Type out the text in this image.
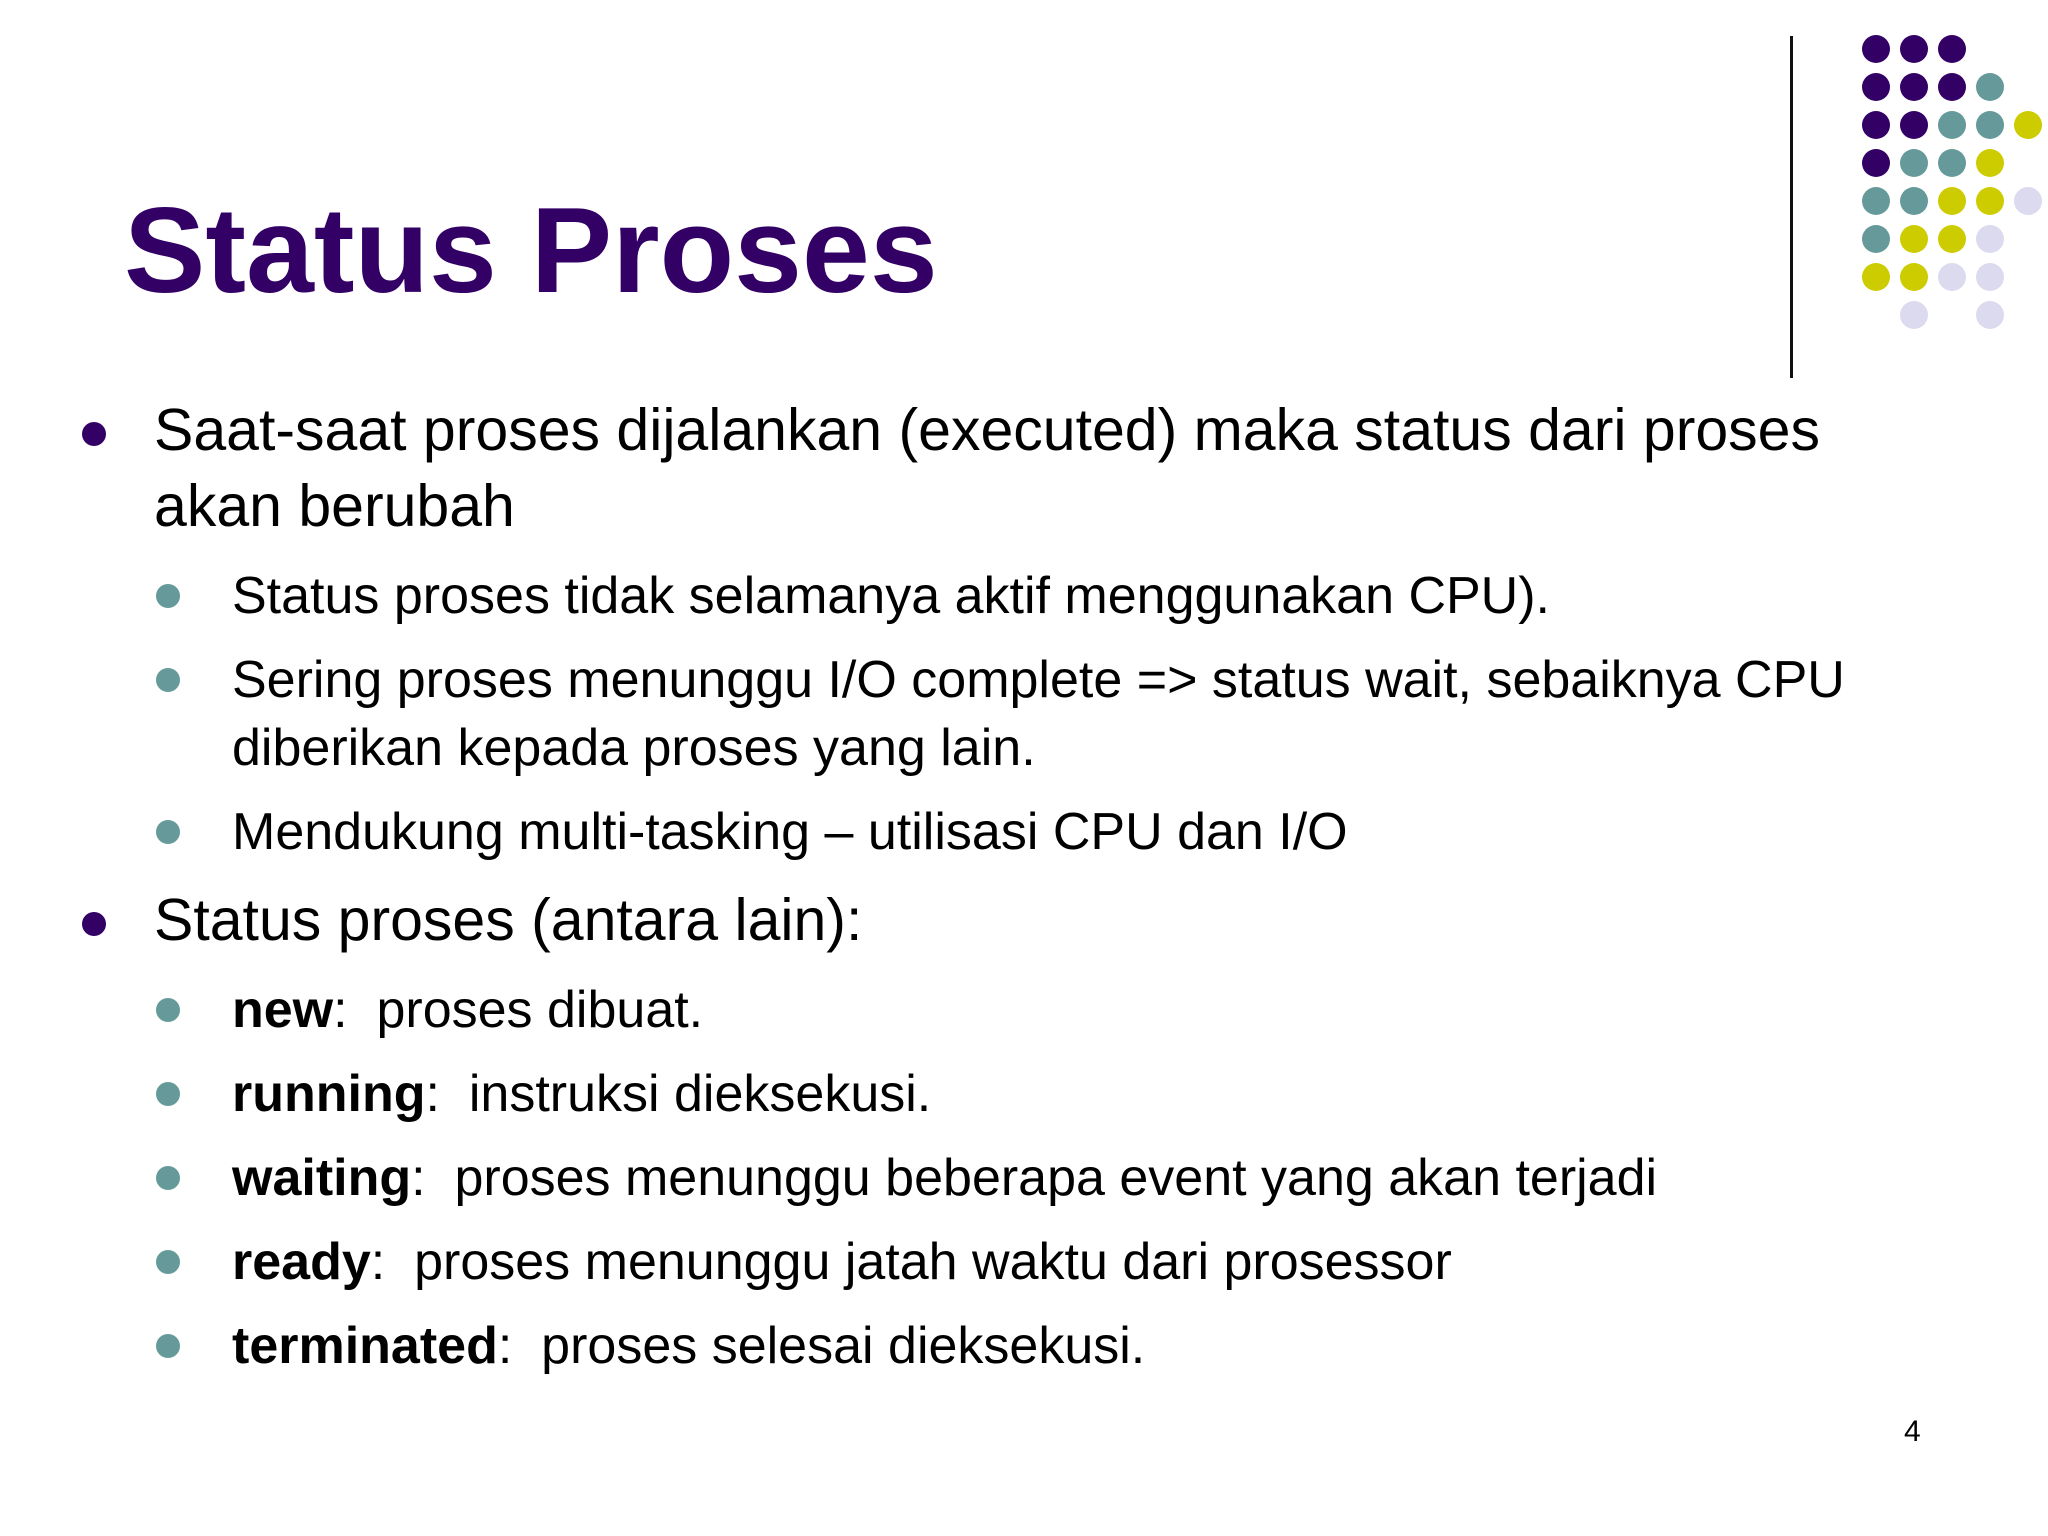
Status Proses
Saat-saat proses dijalankan (executed) maka status dari proses akan berubah
Status proses tidak selamanya aktif menggunakan CPU).
Sering proses menunggu I/O complete => status wait, sebaiknya CPU diberikan kepada proses yang lain.
Mendukung multi-tasking – utilisasi CPU dan I/O
Status proses (antara lain):
new:  proses dibuat.
running:  instruksi dieksekusi.
waiting:  proses menunggu beberapa event yang akan terjadi
ready:  proses menunggu jatah waktu dari prosessor
terminated:  proses selesai dieksekusi.
4
